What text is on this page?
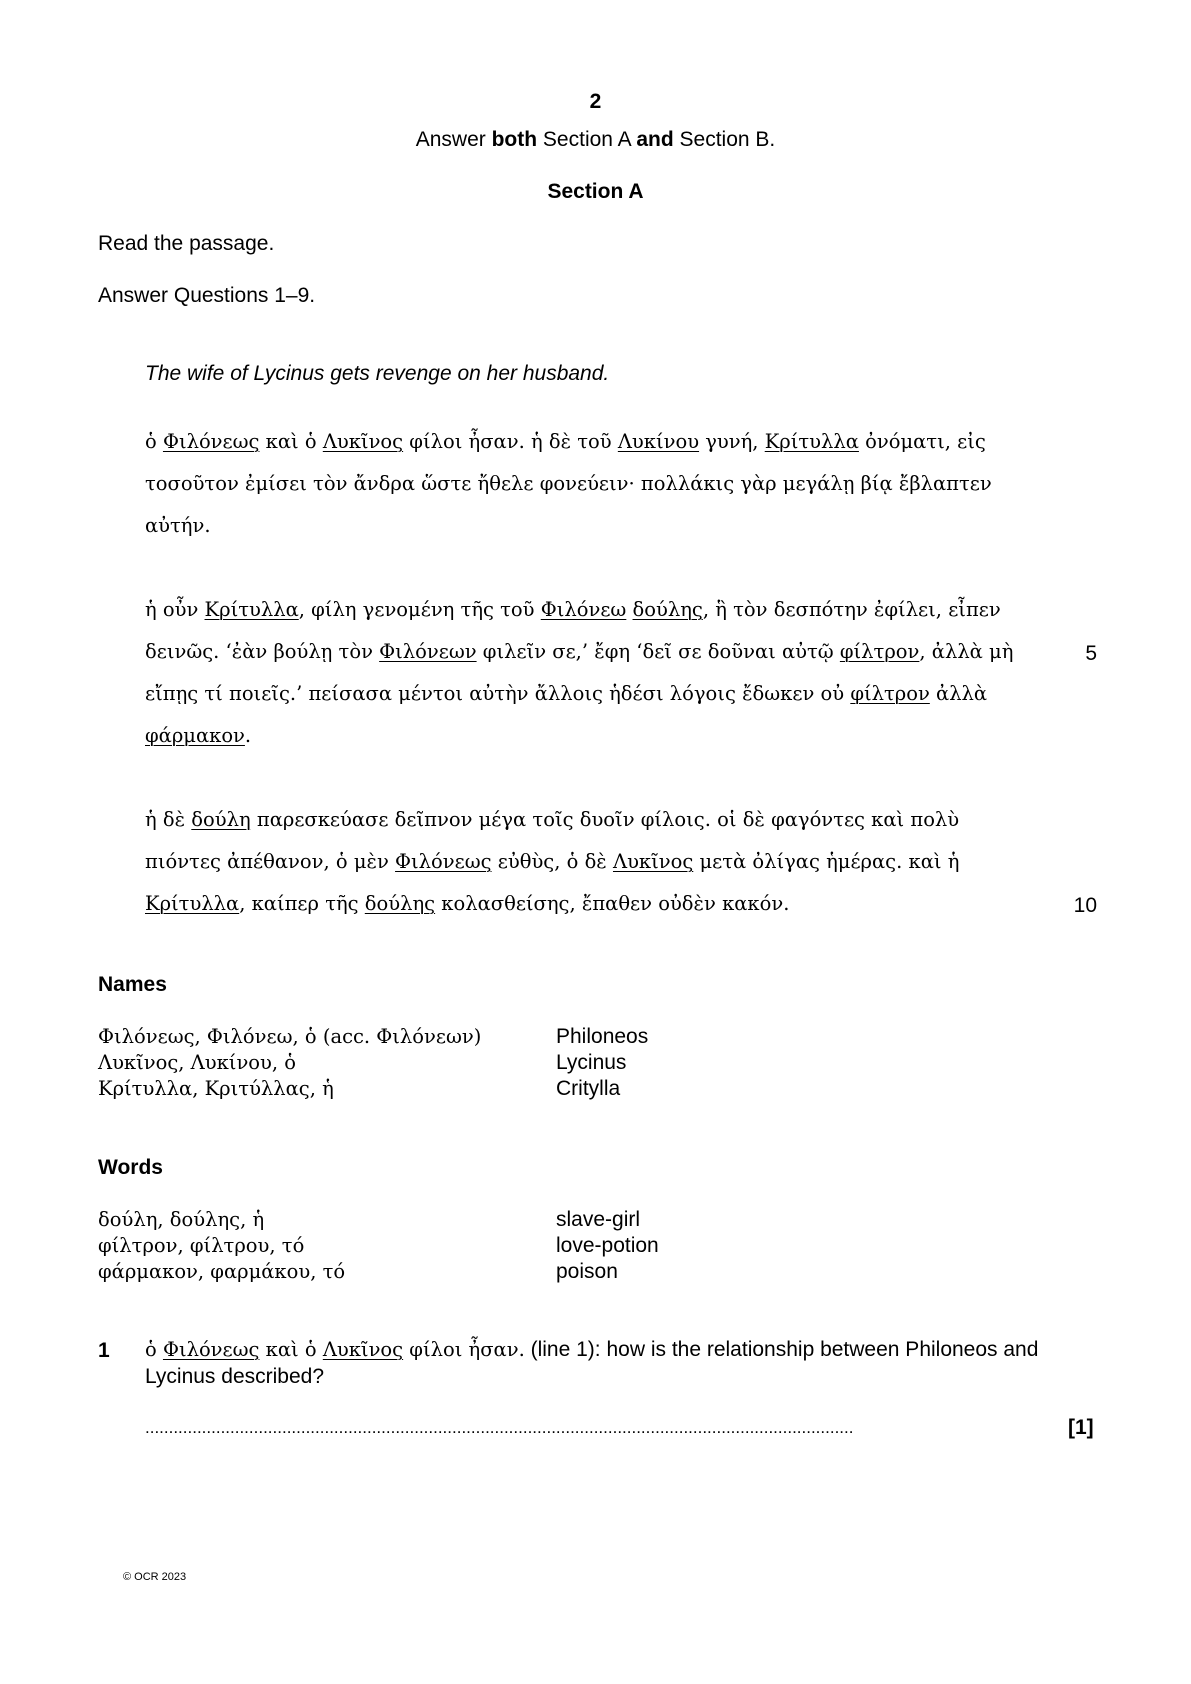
2
Answer both Section A and Section B.
Section A
Read the passage.
Answer Questions 1–9.
The wife of Lycinus gets revenge on her husband.
ὁ Φιλόνεως καὶ ὁ Λυκῖνος φίλοι ἦσαν. ἡ δὲ τοῦ Λυκίνου γυνή, Κρίτυλλα ὀνόματι, εἰς
τοσοῦτον ἐμίσει τὸν ἄνδρα ὥστε ἤθελε φονεύειν· πολλάκις γὰρ μεγάλῃ βίᾳ ἔβλαπτεν
αὐτήν.
ἡ οὖν Κρίτυλλα, φίλη γενομένη τῆς τοῦ Φιλόνεω δούλης, ἣ τὸν δεσπότην ἐφίλει, εἶπεν
δεινῶς. ‘ἐὰν βούλῃ τὸν Φιλόνεων φιλεῖν σε,’ ἔφη ‘δεῖ σε δοῦναι αὐτῷ φίλτρον, ἀλλὰ μὴ	5
εἴπῃς τί ποιεῖς.’ πείσασα μέντοι αὐτὴν ἄλλοις ἡδέσι λόγοις ἔδωκεν οὐ φίλτρον ἀλλὰ
φάρμακον.
ἡ δὲ δούλη παρεσκεύασε δεῖπνον μέγα τοῖς δυοῖν φίλοις. οἱ δὲ φαγόντες καὶ πολὺ
πιόντες ἀπέθανον, ὁ μὲν Φιλόνεως εὐθὺς, ὁ δὲ Λυκῖνος μετὰ ὀλίγας ἡμέρας. καὶ ἡ
Κρίτυλλα, καίπερ τῆς δούλης κολασθείσης, ἔπαθεν οὐδὲν κακόν.	10
Names
Φιλόνεως, Φιλόνεω, ὁ (acc. Φιλόνεων)	Philoneos
Λυκῖνος, Λυκίνου, ὁ	Lycinus
Κρίτυλλα, Κριτύλλας, ἡ	Critylla
Words
δούλη, δούλης, ἡ	slave-girl
φίλτρον, φίλτρου, τό	love-potion
φάρμακον, φαρμάκου, τό	poison
1 ὁ Φιλόνεως καὶ ὁ Λυκῖνος φίλοι ἦσαν. (line 1): how is the relationship between Philoneos and
Lycinus described?
......................................................................................................................................................	[1]
© OCR 2023
